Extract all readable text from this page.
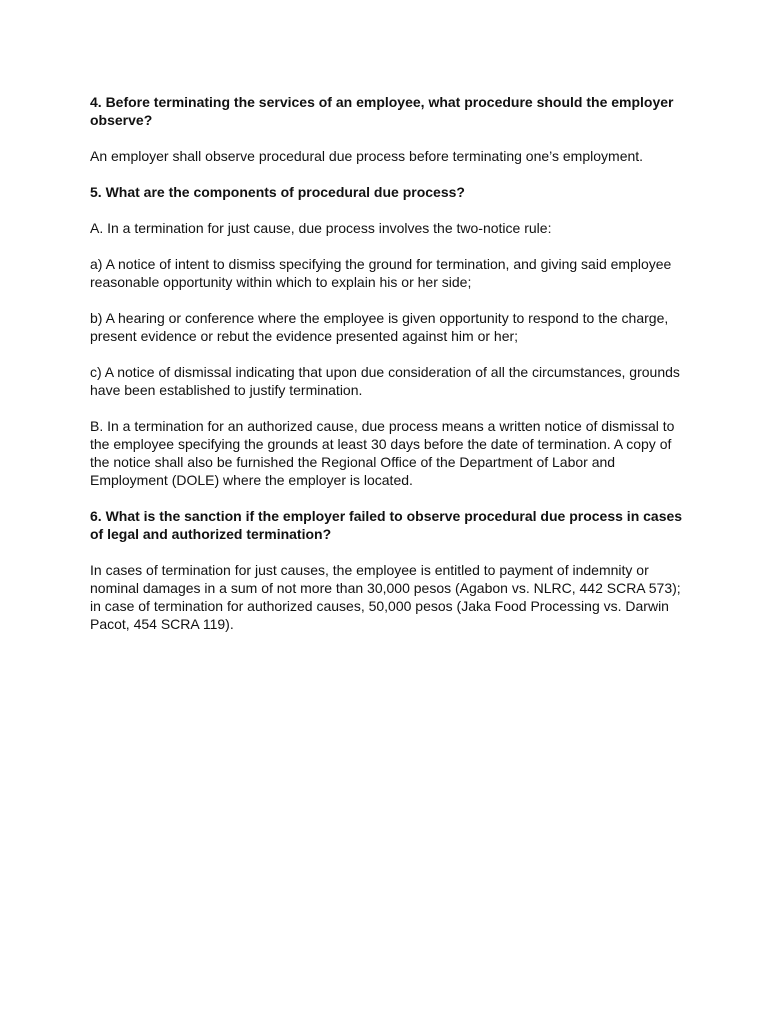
4. Before terminating the services of an employee, what procedure should the employer observe?

An employer shall observe procedural due process before terminating one’s employment.

5. What are the components of procedural due process?

A. In a termination for just cause, due process involves the two-notice rule:

a) A notice of intent to dismiss specifying the ground for termination, and giving said employee reasonable opportunity within which to explain his or her side;

b) A hearing or conference where the employee is given opportunity to respond to the charge, present evidence or rebut the evidence presented against him or her;

c) A notice of dismissal indicating that upon due consideration of all the circumstances, grounds have been established to justify termination.

B. In a termination for an authorized cause, due process means a written notice of dismissal to the employee specifying the grounds at least 30 days before the date of termination. A copy of the notice shall also be furnished the Regional Office of the Department of Labor and Employment (DOLE) where the employer is located.

6. What is the sanction if the employer failed to observe procedural due process in cases of legal and authorized termination?

In cases of termination for just causes, the employee is entitled to payment of indemnity or nominal damages in a sum of not more than 30,000 pesos (Agabon vs. NLRC, 442 SCRA 573); in case of termination for authorized causes, 50,000 pesos (Jaka Food Processing vs. Darwin Pacot, 454 SCRA 119).
